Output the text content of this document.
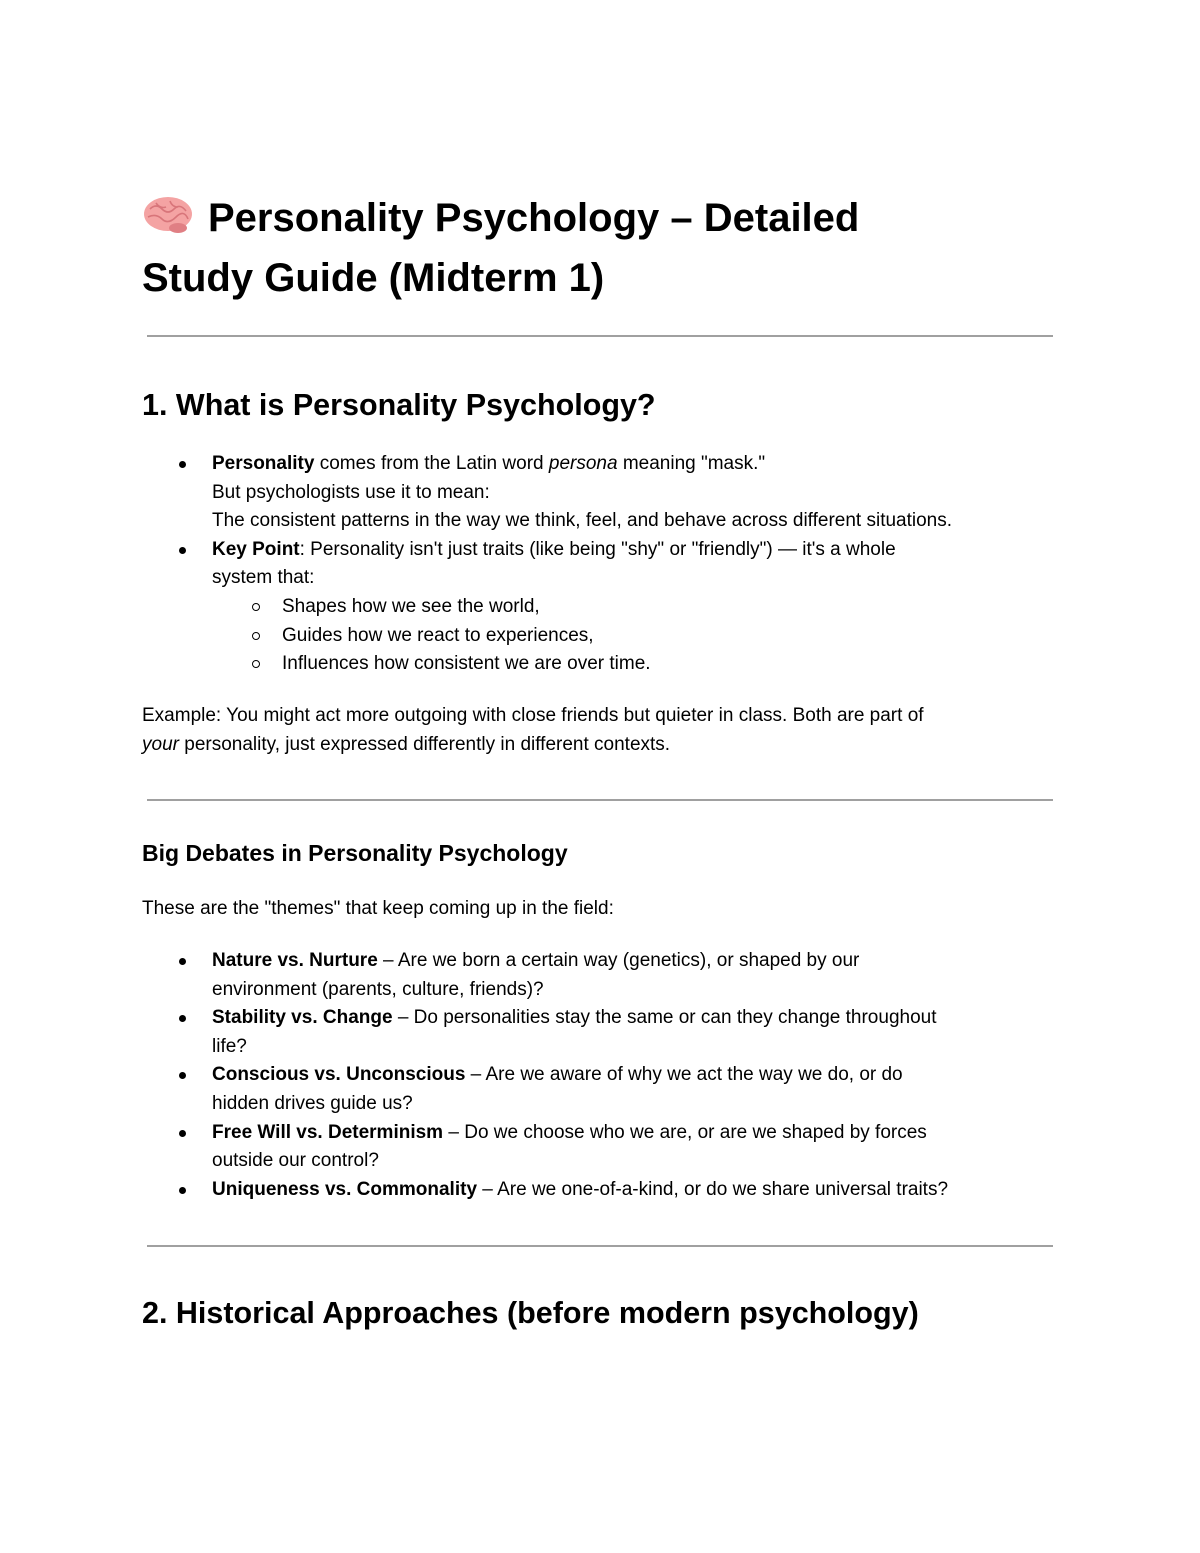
Personality Psychology – Detailed
Study Guide (Midterm 1)
1. What is Personality Psychology?
Personality comes from the Latin word persona meaning "mask."
But psychologists use it to mean:
The consistent patterns in the way we think, feel, and behave across different situations.
Key Point: Personality isn't just traits (like being "shy" or "friendly") — it's a whole
system that:
Shapes how we see the world,
Guides how we react to experiences,
Influences how consistent we are over time.
Example: You might act more outgoing with close friends but quieter in class. Both are part of
your personality, just expressed differently in different contexts.
Big Debates in Personality Psychology
These are the "themes" that keep coming up in the field:
Nature vs. Nurture – Are we born a certain way (genetics), or shaped by our
environment (parents, culture, friends)?
Stability vs. Change – Do personalities stay the same or can they change throughout
life?
Conscious vs. Unconscious – Are we aware of why we act the way we do, or do
hidden drives guide us?
Free Will vs. Determinism – Do we choose who we are, or are we shaped by forces
outside our control?
Uniqueness vs. Commonality – Are we one-of-a-kind, or do we share universal traits?
2. Historical Approaches (before modern psychology)
